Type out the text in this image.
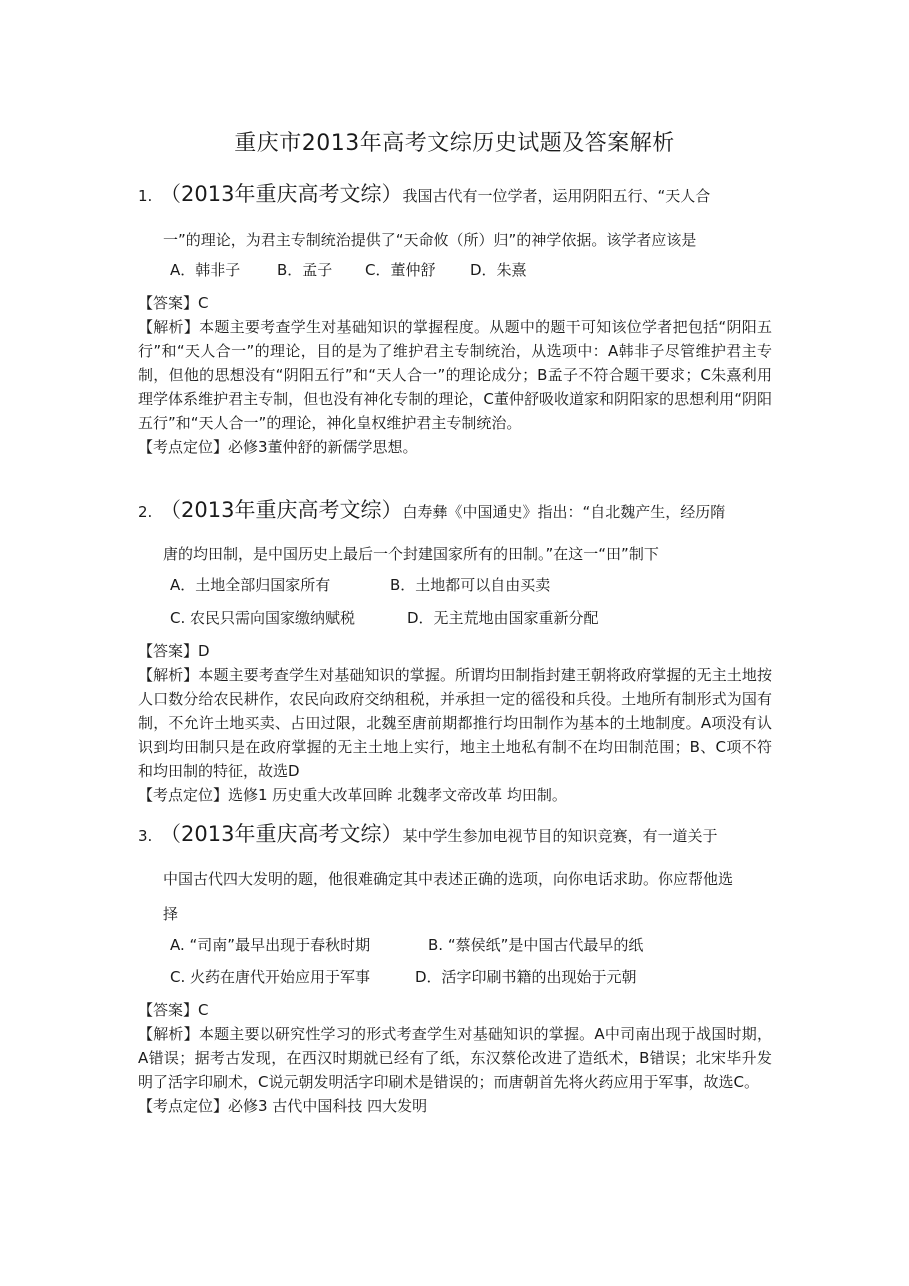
重庆市2013年高考文综历史试题及答案解析
1. （2013年重庆高考文综）我国古代有一位学者，运用阴阳五行、“天人合
一”的理论，为君主专制统治提供了“天命攸（所）归”的神学依据。该学者应该是
A．韩非子 B．孟子 C．董仲舒 D．朱熹

【答案】C

【解析】本题主要考查学生对基础知识的掌握程度。从题中的题干可知该位学者把包括“阴阳五行”和“天人合一”的理论，目的是为了维护君主专制统治，从选项中：A韩非子尽管维护君主专制，但他的思想没有“阴阳五行”和“天人合一”的理论成分；B孟子不符合题干要求；C朱熹利用理学体系维护君主专制，但也没有神化专制的理论，C董仲舒吸收道家和阴阳家的思想利用“阴阳五行”和“天人合一”的理论，神化皇权维护君主专制统治。

【考点定位】必修3董仲舒的新儒学思想。

2. （2013年重庆高考文综）白寿彝《中国通史》指出：“自北魏产生，经历隋
唐的均田制，是中国历史上最后一个封建国家所有的田制。”在这一“田”制下
A．土地全部归国家所有	B．土地都可以自由买卖
C. 农民只需向国家缴纳赋税	D．无主荒地由国家重新分配

【答案】D

【解析】本题主要考查学生对基础知识的掌握。所谓均田制指封建王朝将政府掌握的无主土地按人口数分给农民耕作，农民向政府交纳租税，并承担一定的徭役和兵役。土地所有制形式为国有制，不允许土地买卖、占田过限，北魏至唐前期都推行均田制作为基本的土地制度。A项没有认识到均田制只是在政府掌握的无主土地上实行，地主土地私有制不在均田制范围；B、C项不符和均田制的特征，故选D

【考点定位】选修1 历史重大改革回眸 北魏孝文帝改革 均田制。

3. （2013年重庆高考文综）某中学生参加电视节目的知识竞赛，有一道关于
中国古代四大发明的题，他很难确定其中表述正确的选项，向你电话求助。你应帮他选
择
A. “司南”最早出现于春秋时期	B. “蔡侯纸”是中国古代最早的纸
C. 火药在唐代开始应用于军事	D．活字印刷书籍的出现始于元朝

【答案】C

【解析】本题主要以研究性学习的形式考查学生对基础知识的掌握。A中司南出现于战国时期，A错误；据考古发现，在西汉时期就已经有了纸，东汉蔡伦改进了造纸术，B错误；北宋毕升发明了活字印刷术，C说元朝发明活字印刷术是错误的；而唐朝首先将火药应用于军事，故选C。

【考点定位】必修3 古代中国科技 四大发明
